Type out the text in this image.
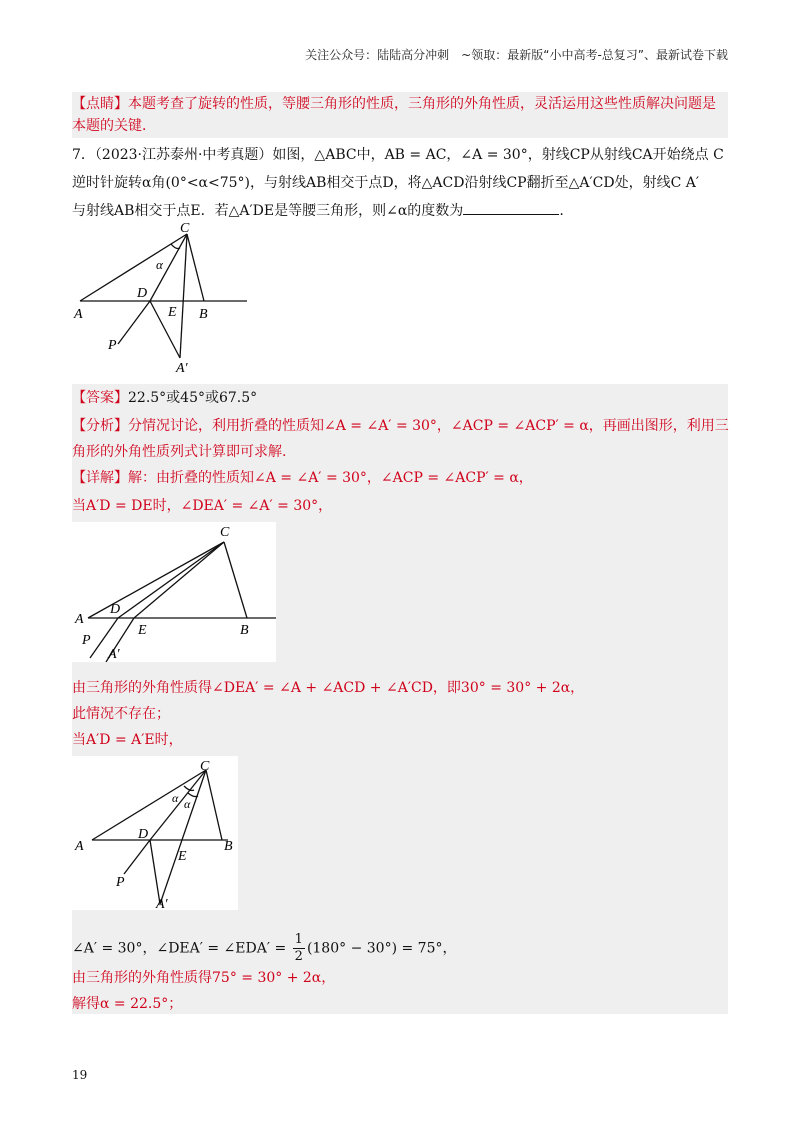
关注公众号：陆陆高分冲刺　~领取：最新版“小中高考-总复习”、最新试卷下载
【点睛】本题考查了旋转的性质，等腰三角形的性质，三角形的外角性质，灵活运用这些性质解决问题是
本题的关键．
7．（2023·江苏泰州·中考真题）如图，△ABC中，AB = AC，∠A = 30°，射线CP从射线CA开始绕点 C
逆时针旋转α角(0°<α<75°)，与射线AB相交于点D，将△ACD沿射线CP翻折至△A′CD处，射线C A′
与射线AB相交于点E．若△A′DE是等腰三角形，则∠α的度数为	.
C
α
D
A	E B
P
A′
【答案】22.5°或45°或67.5°
【分析】分情况讨论，利用折叠的性质知∠A = ∠A′ = 30°，∠ACP = ∠ACP′ = α，再画出图形，利用三
角形的外角性质列式计算即可求解.
【详解】解：由折叠的性质知∠A = ∠A′ = 30°，∠ACP = ∠ACP′ = α，
当A′D = DE时，∠DEA′ = ∠A′ = 30°，
C
D
A
E	B
P
A′
由三角形的外角性质得∠DEA′ = ∠A + ∠ACD + ∠A′CD，即30° = 30° + 2α，
此情况不存在；
当A′D = A′E时，
C
α α
D
A
E
B
P
A′
∠A′ = 30°，∠DEA′ = ∠EDA′ = $\frac{1}{2} (180^\circ - 30^\circ) = 75^\circ$，
由三角形的外角性质得75° = 30° + 2α，
解得α = 22.5°；
19
